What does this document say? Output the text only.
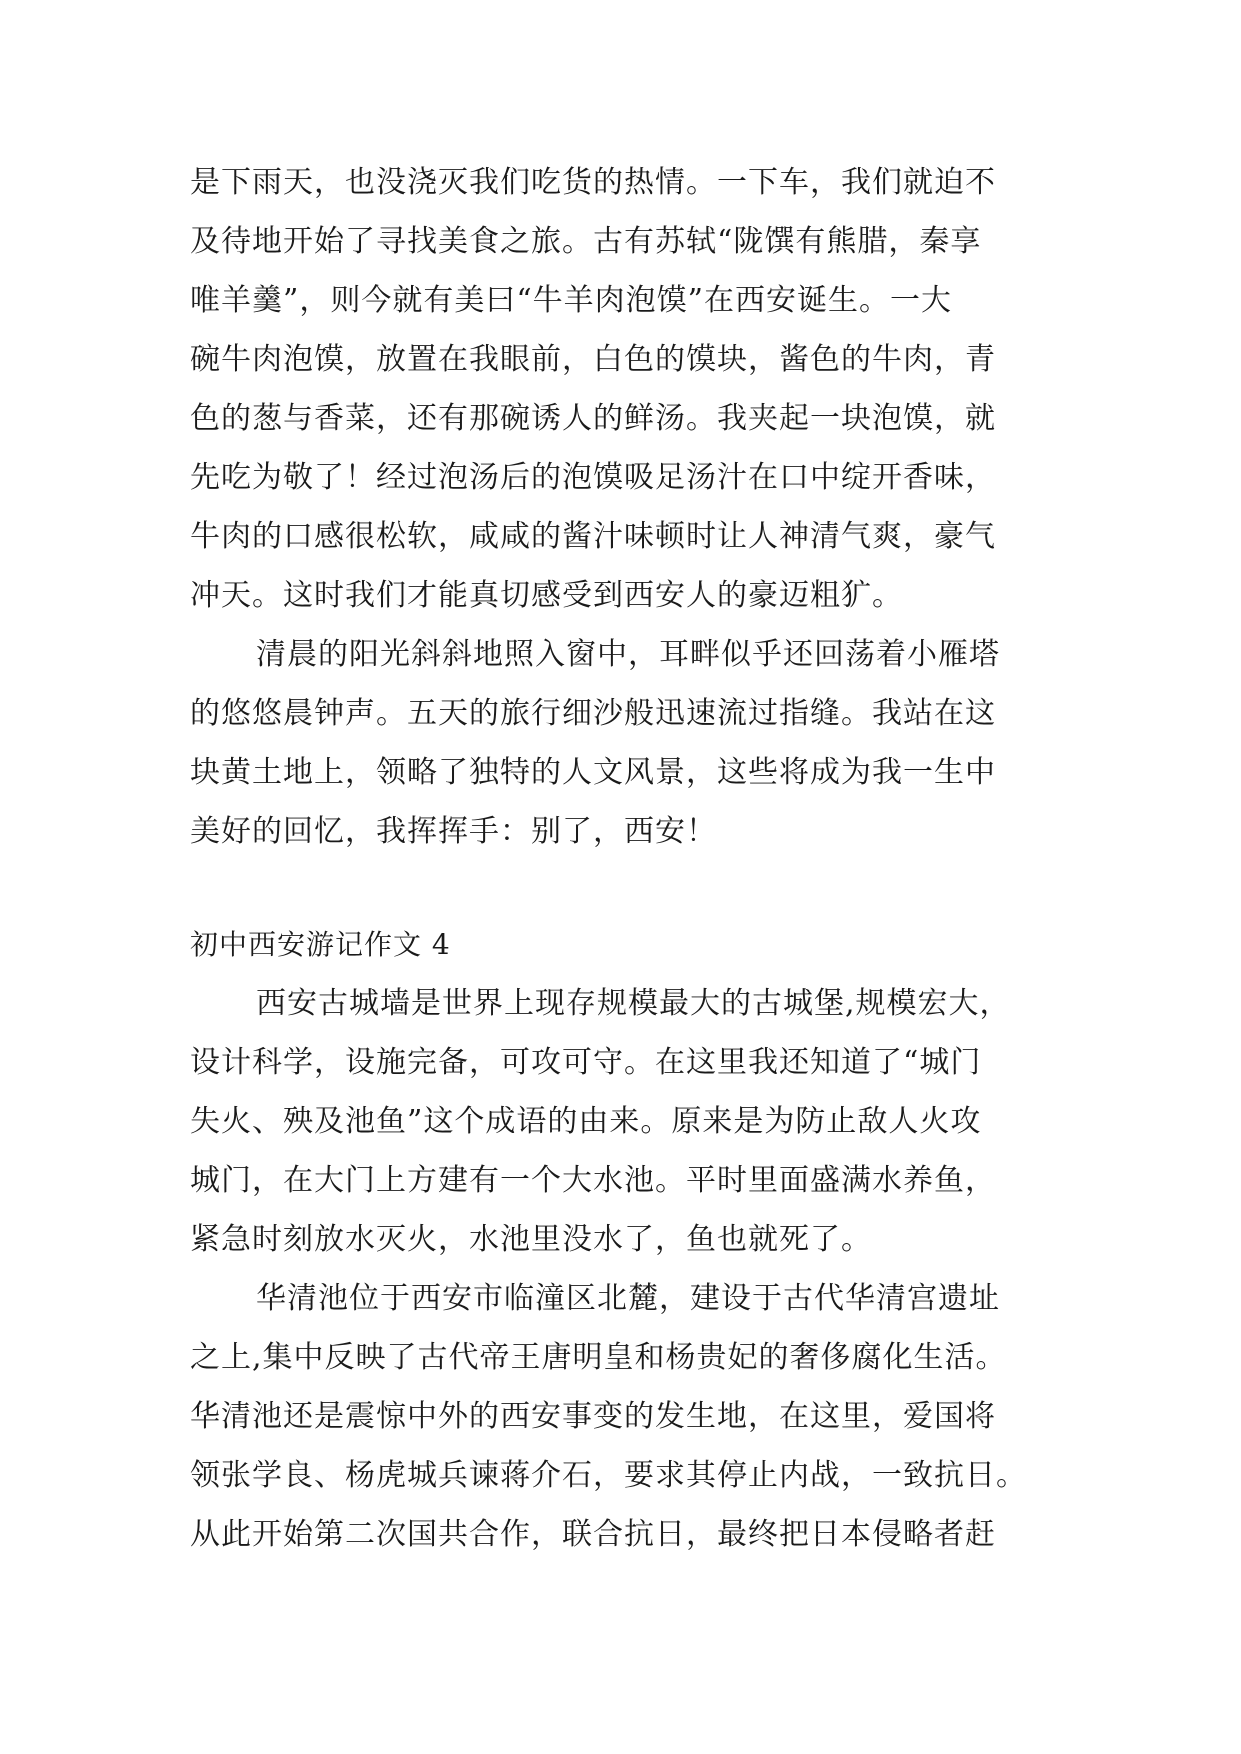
是下雨天，也没浇灭我们吃货的热情。一下车，我们就迫不
及待地开始了寻找美食之旅。古有苏轼“陇馔有熊腊，秦享
唯羊羹”，则今就有美曰“牛羊肉泡馍”在西安诞生。一大
碗牛肉泡馍，放置在我眼前，白色的馍块，酱色的牛肉，青
色的葱与香菜，还有那碗诱人的鲜汤。我夹起一块泡馍，就
先吃为敬了！经过泡汤后的泡馍吸足汤汁在口中绽开香味，
牛肉的口感很松软，咸咸的酱汁味顿时让人神清气爽，豪气
冲天。这时我们才能真切感受到西安人的豪迈粗犷。
清晨的阳光斜斜地照入窗中，耳畔似乎还回荡着小雁塔
的悠悠晨钟声。五天的旅行细沙般迅速流过指缝。我站在这
块黄土地上，领略了独特的人文风景，这些将成为我一生中
美好的回忆，我挥挥手：别了，西安！
初中西安游记作文 4
西安古城墙是世界上现存规模最大的古城堡,规模宏大，
设计科学，设施完备，可攻可守。在这里我还知道了“城门
失火、殃及池鱼”这个成语的由来。原来是为防止敌人火攻
城门，在大门上方建有一个大水池。平时里面盛满水养鱼，
紧急时刻放水灭火，水池里没水了，鱼也就死了。
华清池位于西安市临潼区北麓，建设于古代华清宫遗址
之上,集中反映了古代帝王唐明皇和杨贵妃的奢侈腐化生活。
华清池还是震惊中外的西安事变的发生地，在这里，爱国将
领张学良、杨虎城兵谏蒋介石，要求其停止内战，一致抗日。
从此开始第二次国共合作，联合抗日，最终把日本侵略者赶
